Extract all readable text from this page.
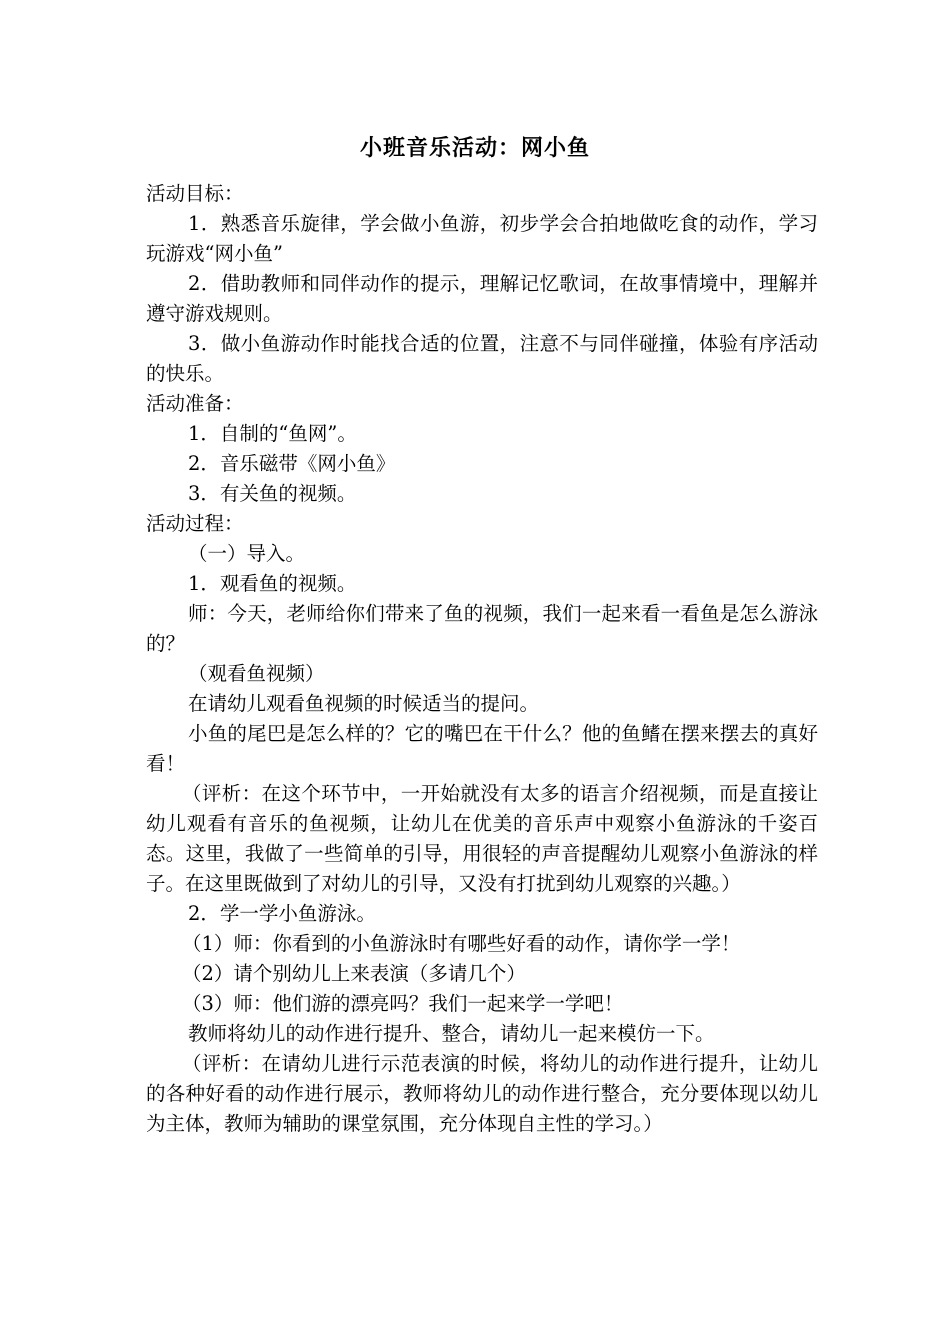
小班音乐活动：网小鱼

活动目标：

1．熟悉音乐旋律，学会做小鱼游，初步学会合拍地做吃食的动作，学习玩游戏“网小鱼”

2．借助教师和同伴动作的提示，理解记忆歌词，在故事情境中，理解并遵守游戏规则。

3．做小鱼游动作时能找合适的位置，注意不与同伴碰撞，体验有序活动的快乐。

活动准备：

1．自制的“鱼网”。

2．音乐磁带《网小鱼》

3．有关鱼的视频。

活动过程：

（一）导入。

1．观看鱼的视频。

师：今天，老师给你们带来了鱼的视频，我们一起来看一看鱼是怎么游泳的？

（观看鱼视频）

在请幼儿观看鱼视频的时候适当的提问。

小鱼的尾巴是怎么样的？它的嘴巴在干什么？他的鱼鳍在摆来摆去的真好看！

（评析：在这个环节中，一开始就没有太多的语言介绍视频，而是直接让幼儿观看有音乐的鱼视频，让幼儿在优美的音乐声中观察小鱼游泳的千姿百态。这里，我做了一些简单的引导，用很轻的声音提醒幼儿观察小鱼游泳的样子。在这里既做到了对幼儿的引导，又没有打扰到幼儿观察的兴趣。）

2．学一学小鱼游泳。

（1）师：你看到的小鱼游泳时有哪些好看的动作，请你学一学！

（2）请个别幼儿上来表演（多请几个）

（3）师：他们游的漂亮吗？我们一起来学一学吧！

教师将幼儿的动作进行提升、整合，请幼儿一起来模仿一下。

（评析：在请幼儿进行示范表演的时候，将幼儿的动作进行提升，让幼儿的各种好看的动作进行展示，教师将幼儿的动作进行整合，充分要体现以幼儿为主体，教师为辅助的课堂氛围，充分体现自主性的学习。）
